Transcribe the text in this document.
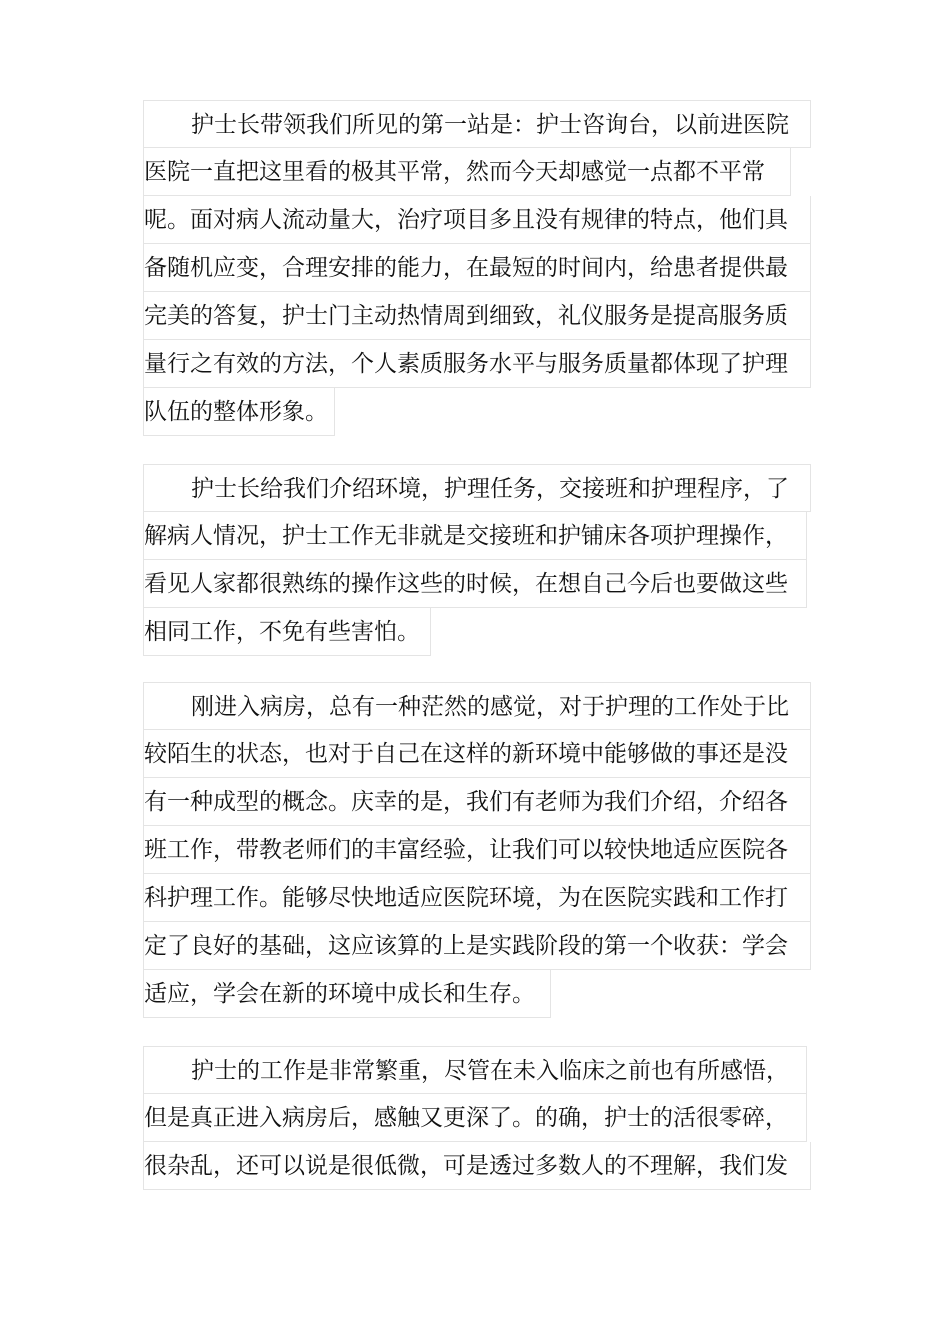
护士长带领我们所见的第一站是：护士咨询台，以前进医院
医院一直把这里看的极其平常，然而今天却感觉一点都不平常
呢。面对病人流动量大，治疗项目多且没有规律的特点，他们具
备随机应变，合理安排的能力，在最短的时间内，给患者提供最
完美的答复，护士门主动热情周到细致，礼仪服务是提高服务质
量行之有效的方法，个人素质服务水平与服务质量都体现了护理
队伍的整体形象。
护士长给我们介绍环境，护理任务，交接班和护理程序，了
解病人情况，护士工作无非就是交接班和护铺床各项护理操作，
看见人家都很熟练的操作这些的时候，在想自己今后也要做这些
相同工作，不免有些害怕。
刚进入病房，总有一种茫然的感觉，对于护理的工作处于比
较陌生的状态，也对于自己在这样的新环境中能够做的事还是没
有一种成型的概念。庆幸的是，我们有老师为我们介绍，介绍各
班工作，带教老师们的丰富经验，让我们可以较快地适应医院各
科护理工作。能够尽快地适应医院环境，为在医院实践和工作打
定了良好的基础，这应该算的上是实践阶段的第一个收获：学会
适应，学会在新的环境中成长和生存。
护士的工作是非常繁重，尽管在未入临床之前也有所感悟，
但是真正进入病房后，感触又更深了。的确，护士的活很零碎，
很杂乱，还可以说是很低微，可是透过多数人的不理解，我们发
